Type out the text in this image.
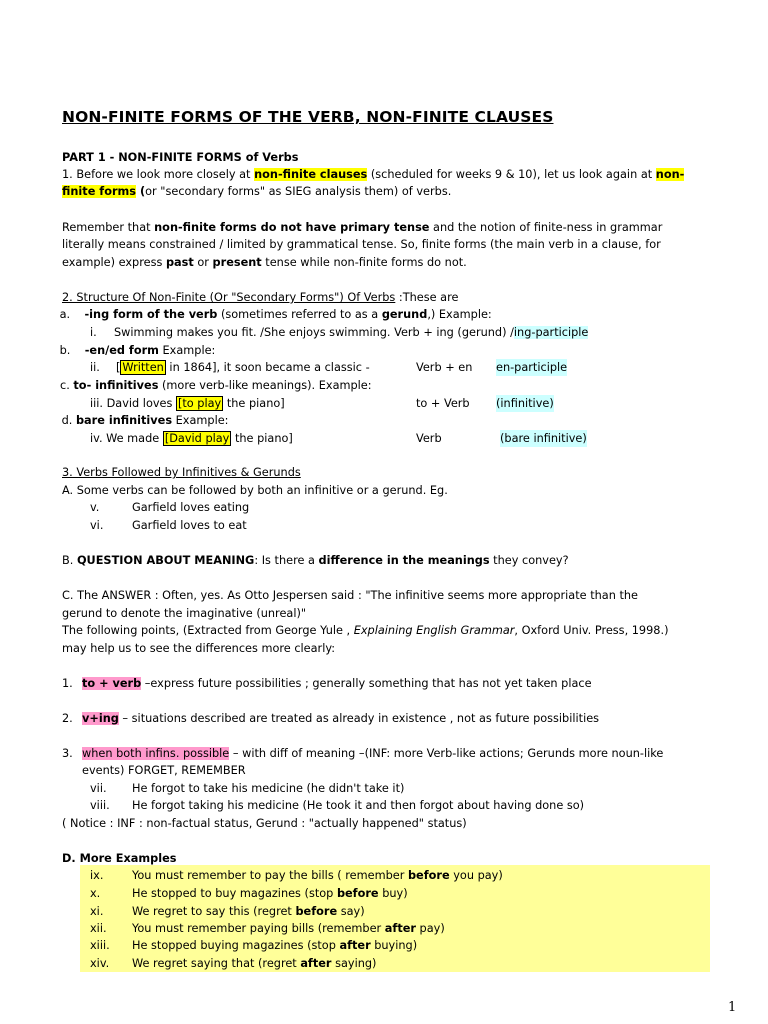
NON-FINITE FORMS OF THE VERB, NON-FINITE CLAUSES
PART 1 - NON-FINITE FORMS of Verbs
1. Before we look more closely at non-finite clauses (scheduled for weeks 9 & 10), let us look again at non-
finite forms (or "secondary forms" as SIEG analysis them) of verbs.
Remember that non-finite forms do not have primary tense and the notion of finite-ness in grammar
literally means constrained / limited by grammatical tense. So, finite forms (the main verb in a clause, for
example) express past or present tense while non-finite forms do not.
2. Structure Of Non-Finite (Or "Secondary Forms") Of Verbs :These are
a.    -ing form of the verb (sometimes referred to as a gerund,) Example:
i. Swimming makes you fit. /She enjoys swimming. Verb + ing (gerund) /ing-participle
b.    -en/ed form Example:
ii. [ Written in 1864], it soon became a classic -	Verb + en en-participle
c. to- infinitives (more verb-like meanings). Example:
iii. David loves [to play the piano]	to + Verb (infinitive)
d. bare infinitives Example:
iv. We made [David play the piano]	Verb	(bare infinitive)
3. Verbs Followed by Infinitives & Gerunds
A. Some verbs can be followed by both an infinitive or a gerund. Eg.
v.	Garfield loves eating
vi.	Garfield loves to eat
B. QUESTION ABOUT MEANING: Is there a difference in the meanings they convey?
C. The ANSWER : Often, yes. As Otto Jespersen said : "The infinitive seems more appropriate than the
gerund to denote the imaginative (unreal)"
The following points, (Extracted from George Yule , Explaining English Grammar, Oxford Univ. Press, 1998.)
may help us to see the differences more clearly:
1. to + verb –express future possibilities ; generally something that has not yet taken place
2. v+ing – situations described are treated as already in existence , not as future possibilities
3. when both infins. possible – with diff of meaning –(INF: more Verb-like actions; Gerunds more noun-like
events) FORGET, REMEMBER
vii. He forgot to take his medicine (he didn't take it)
viii. He forgot taking his medicine (He took it and then forgot about having done so)
( Notice : INF : non-factual status, Gerund : "actually happened" status)
D. More Examples
ix.	You must remember to pay the bills ( remember before you pay)
x.	He stopped to buy magazines (stop before buy)
xi.	We regret to say this (regret before say)
xii. You must remember paying bills (remember after pay)
xiii. He stopped buying magazines (stop after buying)
xiv. We regret saying that (regret after saying)
1
